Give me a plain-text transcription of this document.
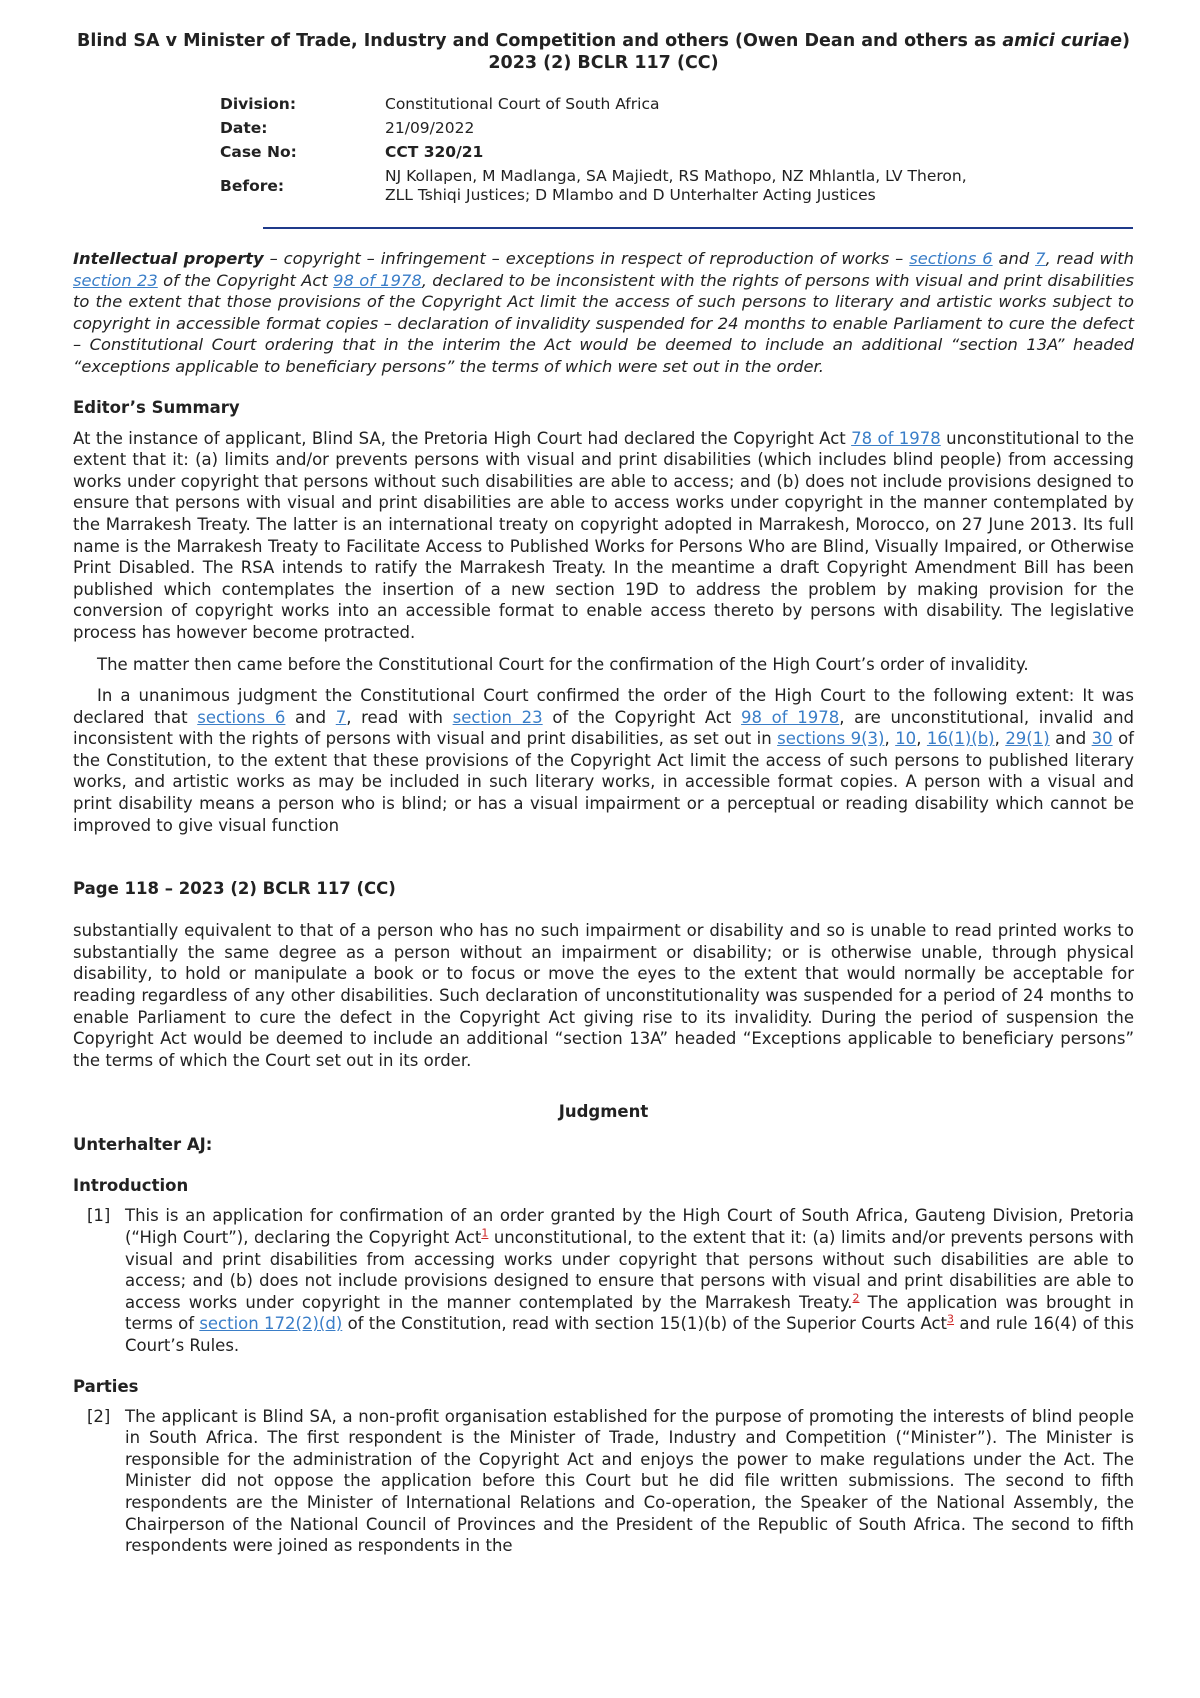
Blind SA v Minister of Trade, Industry and Competition and others (Owen Dean and others as amici curiae)

2023 (2) BCLR 117 (CC)

Division:	Constitutional Court of South Africa
Date:	21/09/2022
Case No:	CCT 320/21
Before:	NJ Kollapen, M Madlanga, SA Majiedt, RS Mathopo, NZ Mhlantla, LV Theron, ZLL Tshiqi Justices; D Mlambo and D Unterhalter Acting Justices

Intellectual property – copyright – infringement – exceptions in respect of reproduction of works – sections 6 and 7, read with section 23 of the Copyright Act 98 of 1978, declared to be inconsistent with the rights of persons with visual and print disabilities to the extent that those provisions of the Copyright Act limit the access of such persons to literary and artistic works subject to copyright in accessible format copies – declaration of invalidity suspended for 24 months to enable Parliament to cure the defect – Constitutional Court ordering that in the interim the Act would be deemed to include an additional “section 13A” headed “exceptions applicable to beneficiary persons” the terms of which were set out in the order.

Editor’s Summary

At the instance of applicant, Blind SA, the Pretoria High Court had declared the Copyright Act 78 of 1978 unconstitutional to the extent that it: (a) limits and/or prevents persons with visual and print disabilities (which includes blind people) from accessing works under copyright that persons without such disabilities are able to access; and (b) does not include provisions designed to ensure that persons with visual and print disabilities are able to access works under copyright in the manner contemplated by the Marrakesh Treaty. The latter is an international treaty on copyright adopted in Marrakesh, Morocco, on 27 June 2013. Its full name is the Marrakesh Treaty to Facilitate Access to Published Works for Persons Who are Blind, Visually Impaired, or Otherwise Print Disabled. The RSA intends to ratify the Marrakesh Treaty. In the meantime a draft Copyright Amendment Bill has been published which contemplates the insertion of a new section 19D to address the problem by making provision for the conversion of copyright works into an accessible format to enable access thereto by persons with disability. The legislative process has however become protracted.

The matter then came before the Constitutional Court for the confirmation of the High Court’s order of invalidity.

In a unanimous judgment the Constitutional Court confirmed the order of the High Court to the following extent: It was declared that sections 6 and 7, read with section 23 of the Copyright Act 98 of 1978, are unconstitutional, invalid and inconsistent with the rights of persons with visual and print disabilities, as set out in sections 9(3), 10, 16(1)(b), 29(1) and 30 of the Constitution, to the extent that these provisions of the Copyright Act limit the access of such persons to published literary works, and artistic works as may be included in such literary works, in accessible format copies. A person with a visual and print disability means a person who is blind; or has a visual impairment or a perceptual or reading disability which cannot be improved to give visual function

Page 118 – 2023 (2) BCLR 117 (CC)

substantially equivalent to that of a person who has no such impairment or disability and so is unable to read printed works to substantially the same degree as a person without an impairment or disability; or is otherwise unable, through physical disability, to hold or manipulate a book or to focus or move the eyes to the extent that would normally be acceptable for reading regardless of any other disabilities. Such declaration of unconstitutionality was suspended for a period of 24 months to enable Parliament to cure the defect in the Copyright Act giving rise to its invalidity. During the period of suspension the Copyright Act would be deemed to include an additional “section 13A” headed “Exceptions applicable to beneficiary persons” the terms of which the Court set out in its order.

Judgment
Unterhalter AJ:
Introduction
[1] This is an application for confirmation of an order granted by the High Court of South Africa, Gauteng Division, Pretoria (“High Court”), declaring the Copyright Act$^1$ unconstitutional, to the extent that it: (a) limits and/or prevents persons with visual and print disabilities from accessing works under copyright that persons without such disabilities are able to access; and (b) does not include provisions designed to ensure that persons with visual and print disabilities are able to access works under copyright in the manner contemplated by the Marrakesh Treaty.$^2$ The application was brought in terms of section 172(2)(d) of the Constitution, read with section 15(1)(b) of the Superior Courts Act$^3$ and rule 16(4) of this Court’s Rules.
Parties
[2] The applicant is Blind SA, a non-profit organisation established for the purpose of promoting the interests of blind people in South Africa. The first respondent is the Minister of Trade, Industry and Competition (“Minister”). The Minister is responsible for the administration of the Copyright Act and enjoys the power to make regulations under the Act. The Minister did not oppose the application before this Court but he did file written submissions. The second to fifth respondents are the Minister of International Relations and Co-operation, the Speaker of the National Assembly, the Chairperson of the National Council of Provinces and the President of the Republic of South Africa. The second to fifth respondents were joined as respondents in the
